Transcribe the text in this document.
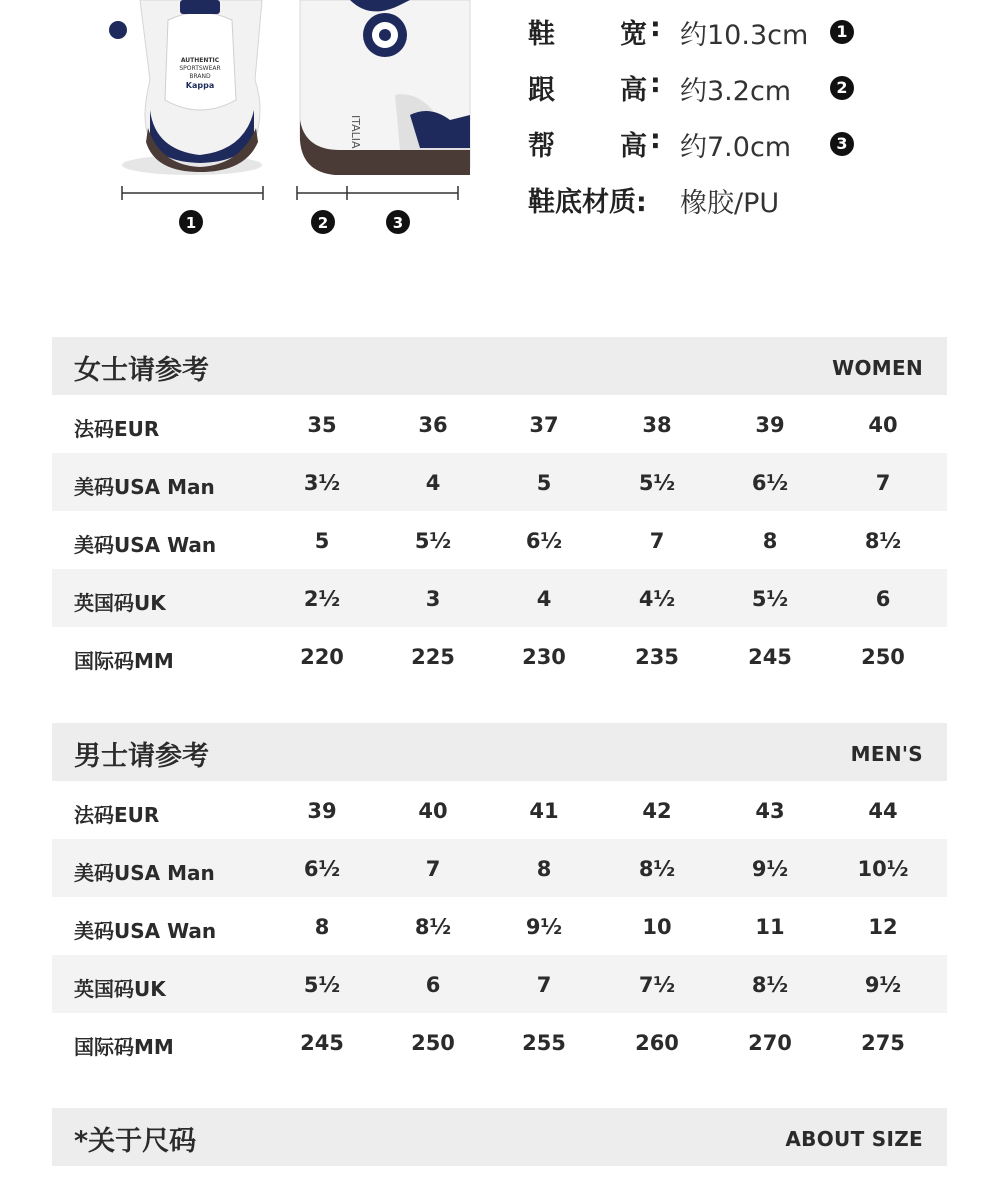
AUTHENTIC
SPORTSWEAR
BRAND
Kappa
ITALIA
1	2	3
鞋 宽 : 约10.3cm	1
跟 高 : 约3.2cm	2
帮 高 : 约7.0cm	3
鞋底材质: 橡胶/PU
女士请参考	WOMEN
法码EUR	35	36	37	38	39	40
美码USA Man	3½	4	5	5½	6½	7
美码USA Wan	5	5½	6½	7	8	8½
英国码UK	2½	3	4	4½	5½	6
国际码MM	220	225	230	235	245	250
男士请参考	MEN'S
法码EUR	39	40	41	42	43	44
美码USA Man	6½	7	8	8½	9½	10½
美码USA Wan	8	8½	9½	10	11	12
英国码UK	5½	6	7	7½	8½	9½
国际码MM	245	250	255	260	270	275
*关于尺码	ABOUT SIZE
